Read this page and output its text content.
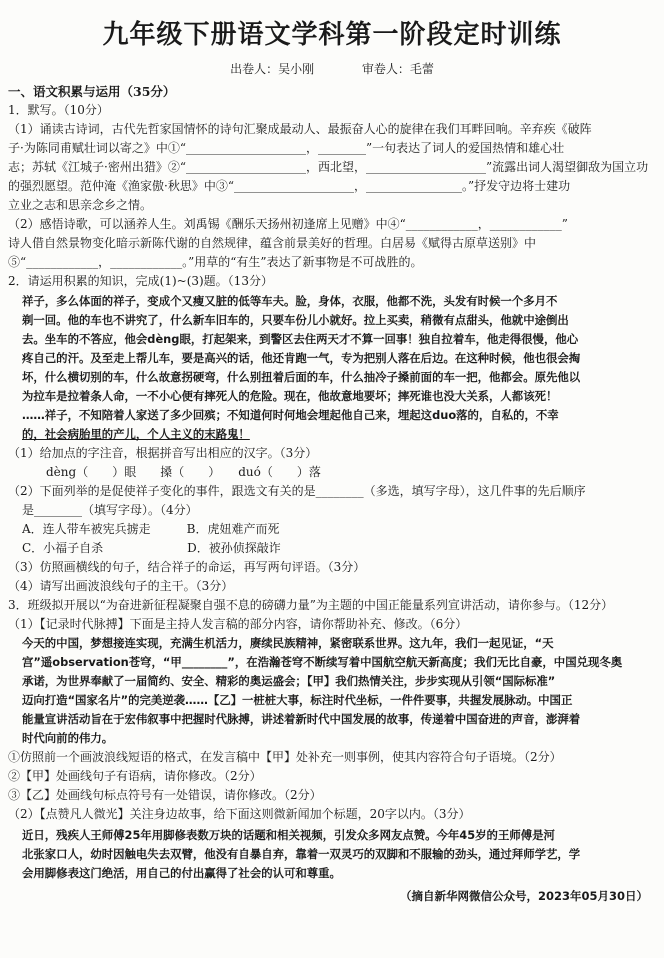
九年级下册语文学科第一阶段定时训练
出卷人：吴小刚	审卷人：毛蕾
一、语文积累与运用（35分）
1．默写。（10分）
（1）诵读古诗词，古代先哲家国情怀的诗句汇聚成最动人、最振奋人心的旋律在我们耳畔回响。辛弃疾《破阵
子·为陈同甫赋壮词以寄之》中①“____________________，________”一句表达了词人的爱国热情和雄心壮
志；苏轼《江城子·密州出猎》②“____________________，西北望，____________________”流露出词人渴望御敌为国立功
的强烈愿望。范仲淹《渔家傲·秋思》中③“____________________，________________。”抒发守边将士建功
立业之志和思亲念乡之情。
（2）感悟诗歌，可以涵养人生。刘禹锡《酬乐天扬州初逢席上见赠》中④“____________，____________”
诗人借自然景物变化暗示新陈代谢的自然规律，蕴含前景美好的哲理。白居易《赋得古原草送别》中
⑤“____________，____________。”用草的“有生”表达了新事物是不可战胜的。
2．请运用积累的知识，完成(1)~(3)题。（13分）
祥子，多么体面的祥子，变成个又瘦又脏的低等车夫。脸，身体，衣服，他都不洗，头发有时候一个多月不
剃一回。他的车也不讲究了，什么新车旧车的，只要车份儿小就好。拉上买卖，稍微有点甜头，他就中途倒出
去。坐车的不答应，他会dèng眼，打起架来，到警区去住两天才不算一回事！独自拉着车，他走得很慢，他心
疼自己的汗。及至走上帮儿车，要是高兴的话，他还肯跑一气，专为把别人落在后边。在这种时候，他也很会掏
坏，什么横切别的车，什么故意拐硬弯，什么别扭着后面的车，什么抽冷子搡前面的车一把，他都会。原先他以
为拉车是拉着条人命，一不小心便有摔死人的危险。现在，他故意地要坏；摔死谁也没大关系，人都该死！
……祥子，不知陪着人家送了多少回殡；不知道何时何地会埋起他自己来，埋起这duo落的，自私的，不幸
的，社会病胎里的产儿，个人主义的末路鬼！
（1）给加点的字注音，根据拼音写出相应的汉字。（3分）
　　dèng（　　）眼　　搡（　　）　　duó（　　）落
（2）下面列举的是促使祥子变化的事件，跟选文有关的是________（多选，填写字母），这几件事的先后顺序
是________（填写字母）。（4分）
A．连人带车被宪兵掳走　　　B．虎妞难产而死
C．小福子自杀　　　　　　　D．被孙侦探敲诈
（3）仿照画横线的句子，结合祥子的命运，再写两句评语。（3分）
（4）请写出画波浪线句子的主干。（3分）
3．班级拟开展以“为奋进新征程凝聚自强不息的磅礴力量”为主题的中国正能量系列宣讲活动，请你参与。（12分）
（1）【记录时代脉搏】下面是主持人发言稿的部分内容，请你帮助补充、修改。（6分）
今天的中国，梦想接连实现，充满生机活力，赓续民族精神，紧密联系世界。这九年，我们一起见证，“天
宫”遥observation苍穹，“甲________”，在浩瀚苍穹不断续写着中国航空航天新高度；我们无比自豪，中国兑现冬奥
承诺，为世界奉献了一届简约、安全、精彩的奥运盛会；【甲】我们热情关注，步步实现从引领“国际标准”
迈向打造“国家名片”的完美逆袭……【乙】一桩桩大事，标注时代坐标，一件件要事，共握发展脉动。中国正
能量宣讲活动旨在于宏伟叙事中把握时代脉搏，讲述着新时代中国发展的故事，传递着中国奋进的声音，澎湃着
时代向前的伟力。
①仿照前一个画波浪线短语的格式，在发言稿中【甲】处补充一则事例，使其内容符合句子语境。（2分）
②【甲】处画线句子有语病，请你修改。（2分）
③【乙】处画线句标点符号有一处错误，请你修改。（2分）
（2）【点赞凡人微光】关注身边故事，给下面这则微新闻加个标题，20字以内。（3分）
近日，残疾人王师傅25年用脚修表数万块的话题和相关视频，引发众多网友点赞。今年45岁的王师傅是河
北张家口人，幼时因触电失去双臂，他没有自暴自弃，靠着一双灵巧的双脚和不服输的劲头，通过拜师学艺，学
会用脚修表这门绝活，用自己的付出赢得了社会的认可和尊重。
（摘自新华网微信公众号，2023年05月30日）
